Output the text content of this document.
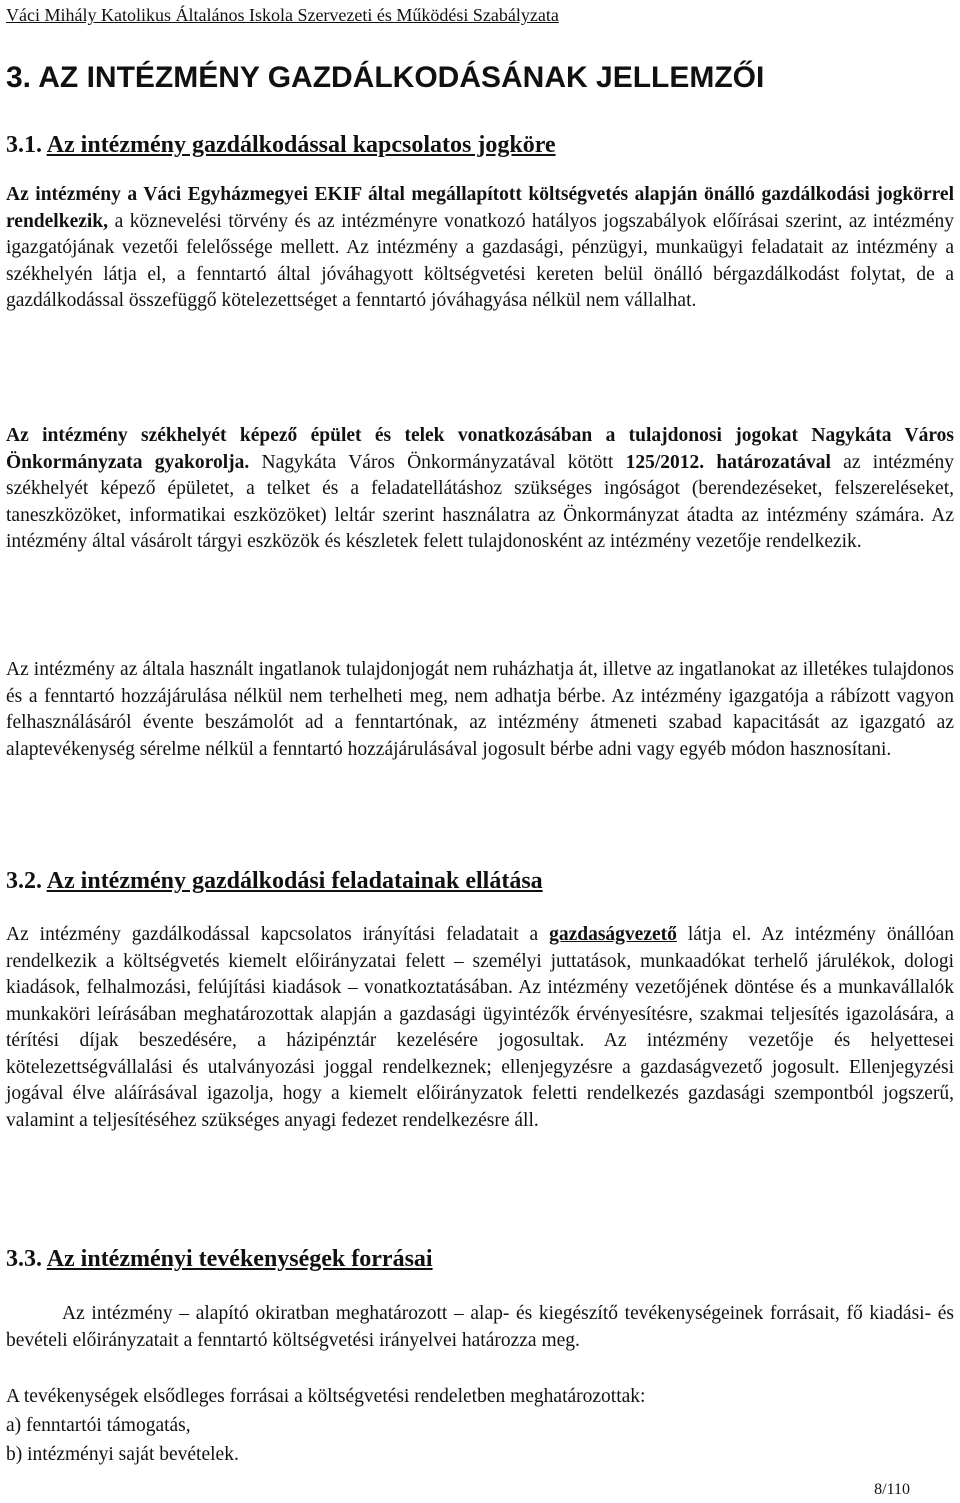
Váci Mihály Katolikus Általános Iskola Szervezeti és Működési Szabályzata
3. AZ INTÉZMÉNY GAZDÁLKODÁSÁNAK JELLEMZŐI
3.1. Az intézmény gazdálkodással kapcsolatos jogköre
Az intézmény a Váci Egyházmegyei EKIF által megállapított költségvetés alapján önálló gazdálkodási jogkörrel rendelkezik, a köznevelési törvény és az intézményre vonatkozó hatályos jogszabályok előírásai szerint, az intézmény igazgatójának vezetői felelőssége mellett. Az intézmény a gazdasági, pénzügyi, munkaügyi feladatait az intézmény a székhelyén látja el, a fenntartó által jóváhagyott költségvetési kereten belül önálló bérgazdálkodást folytat, de a gazdálkodással összefüggő kötelezettséget a fenntartó jóváhagyása nélkül nem vállalhat.
Az intézmény székhelyét képező épület és telek vonatkozásában a tulajdonosi jogokat Nagykáta Város Önkormányzata gyakorolja. Nagykáta Város Önkormányzatával kötött 125/2012. határozatával az intézmény székhelyét képező épületet, a telket és a feladatellátáshoz szükséges ingóságot (berendezéseket, felszereléseket, taneszközöket, informatikai eszközöket) leltár szerint használatra az Önkormányzat átadta az intézmény számára. Az intézmény által vásárolt tárgyi eszközök és készletek felett tulajdonosként az intézmény vezetője rendelkezik.
Az intézmény az általa használt ingatlanok tulajdonjogát nem ruházhatja át, illetve az ingatlanokat az illetékes tulajdonos és a fenntartó hozzájárulása nélkül nem terhelheti meg, nem adhatja bérbe. Az intézmény igazgatója a rábízott vagyon felhasználásáról évente beszámolót ad a fenntartónak, az intézmény átmeneti szabad kapacitását az igazgató az alaptevékenység sérelme nélkül a fenntartó hozzájárulásával jogosult bérbe adni vagy egyéb módon hasznosítani.
3.2. Az intézmény gazdálkodási feladatainak ellátása
Az intézmény gazdálkodással kapcsolatos irányítási feladatait a gazdaságvezető látja el. Az intézmény önállóan rendelkezik a költségvetés kiemelt előirányzatai felett – személyi juttatások, munkaadókat terhelő járulékok, dologi kiadások, felhalmozási, felújítási kiadások – vonatkoztatásában. Az intézmény vezetőjének döntése és a munkavállalók munkaköri leírásában meghatározottak alapján a gazdasági ügyintézők érvényesítésre, szakmai teljesítés igazolására, a térítési díjak beszedésére, a házipénztár kezelésére jogosultak. Az intézmény vezetője és helyettesei kötelezettségvállalási és utalványozási joggal rendelkeznek; ellenjegyzésre a gazdaságvezető jogosult. Ellenjegyzési jogával élve aláírásával igazolja, hogy a kiemelt előirányzatok feletti rendelkezés gazdasági szempontból jogszerű, valamint a teljesítéséhez szükséges anyagi fedezet rendelkezésre áll.
3.3. Az intézményi tevékenységek forrásai
Az intézmény – alapító okiratban meghatározott – alap- és kiegészítő tevékenységeinek forrásait, fő kiadási- és bevételi előirányzatait a fenntartó költségvetési irányelvei határozza meg.
A tevékenységek elsődleges forrásai a költségvetési rendeletben meghatározottak:
a) fenntartói támogatás,
b) intézményi saját bevételek.
8/110
